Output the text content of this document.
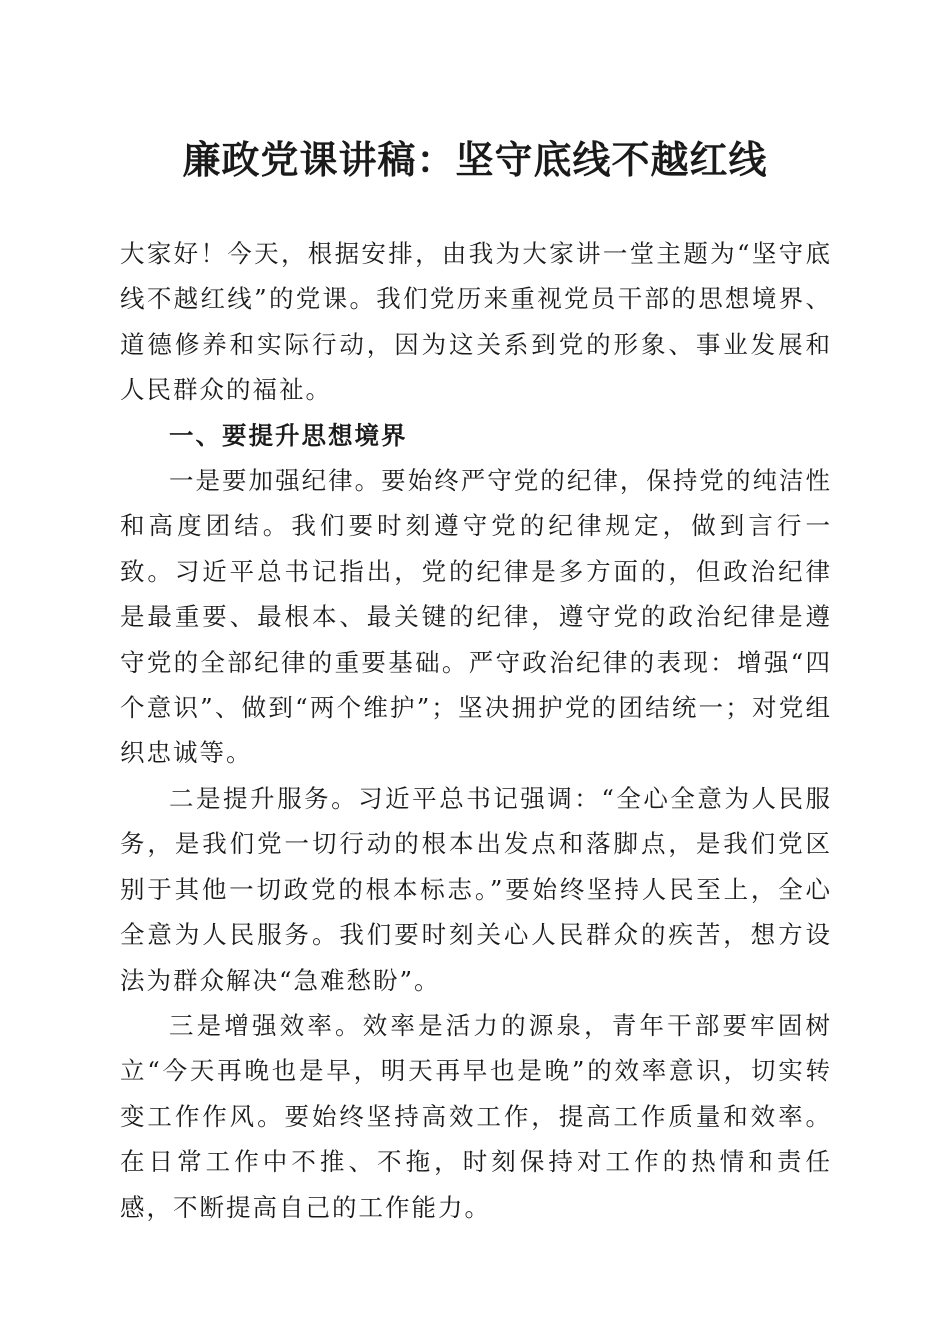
廉政党课讲稿：坚守底线不越红线

大家好！今天，根据安排，由我为大家讲一堂主题为“坚守底线不越红线”的党课。我们党历来重视党员干部的思想境界、道德修养和实际行动，因为这关系到党的形象、事业发展和人民群众的福祉。

一、要提升思想境界

一是要加强纪律。要始终严守党的纪律，保持党的纯洁性和高度团结。我们要时刻遵守党的纪律规定，做到言行一致。习近平总书记指出，党的纪律是多方面的，但政治纪律是最重要、最根本、最关键的纪律，遵守党的政治纪律是遵守党的全部纪律的重要基础。严守政治纪律的表现：增强“四个意识”、做到“两个维护”；坚决拥护党的团结统一；对党组织忠诚等。

二是提升服务。习近平总书记强调：“全心全意为人民服务，是我们党一切行动的根本出发点和落脚点，是我们党区别于其他一切政党的根本标志。”要始终坚持人民至上，全心全意为人民服务。我们要时刻关心人民群众的疾苦，想方设法为群众解决“急难愁盼”。

三是增强效率。效率是活力的源泉，青年干部要牢固树立“今天再晚也是早，明天再早也是晚”的效率意识，切实转变工作作风。要始终坚持高效工作，提高工作质量和效率。在日常工作中不推、不拖，时刻保持对工作的热情和责任感，不断提高自己的工作能力。
